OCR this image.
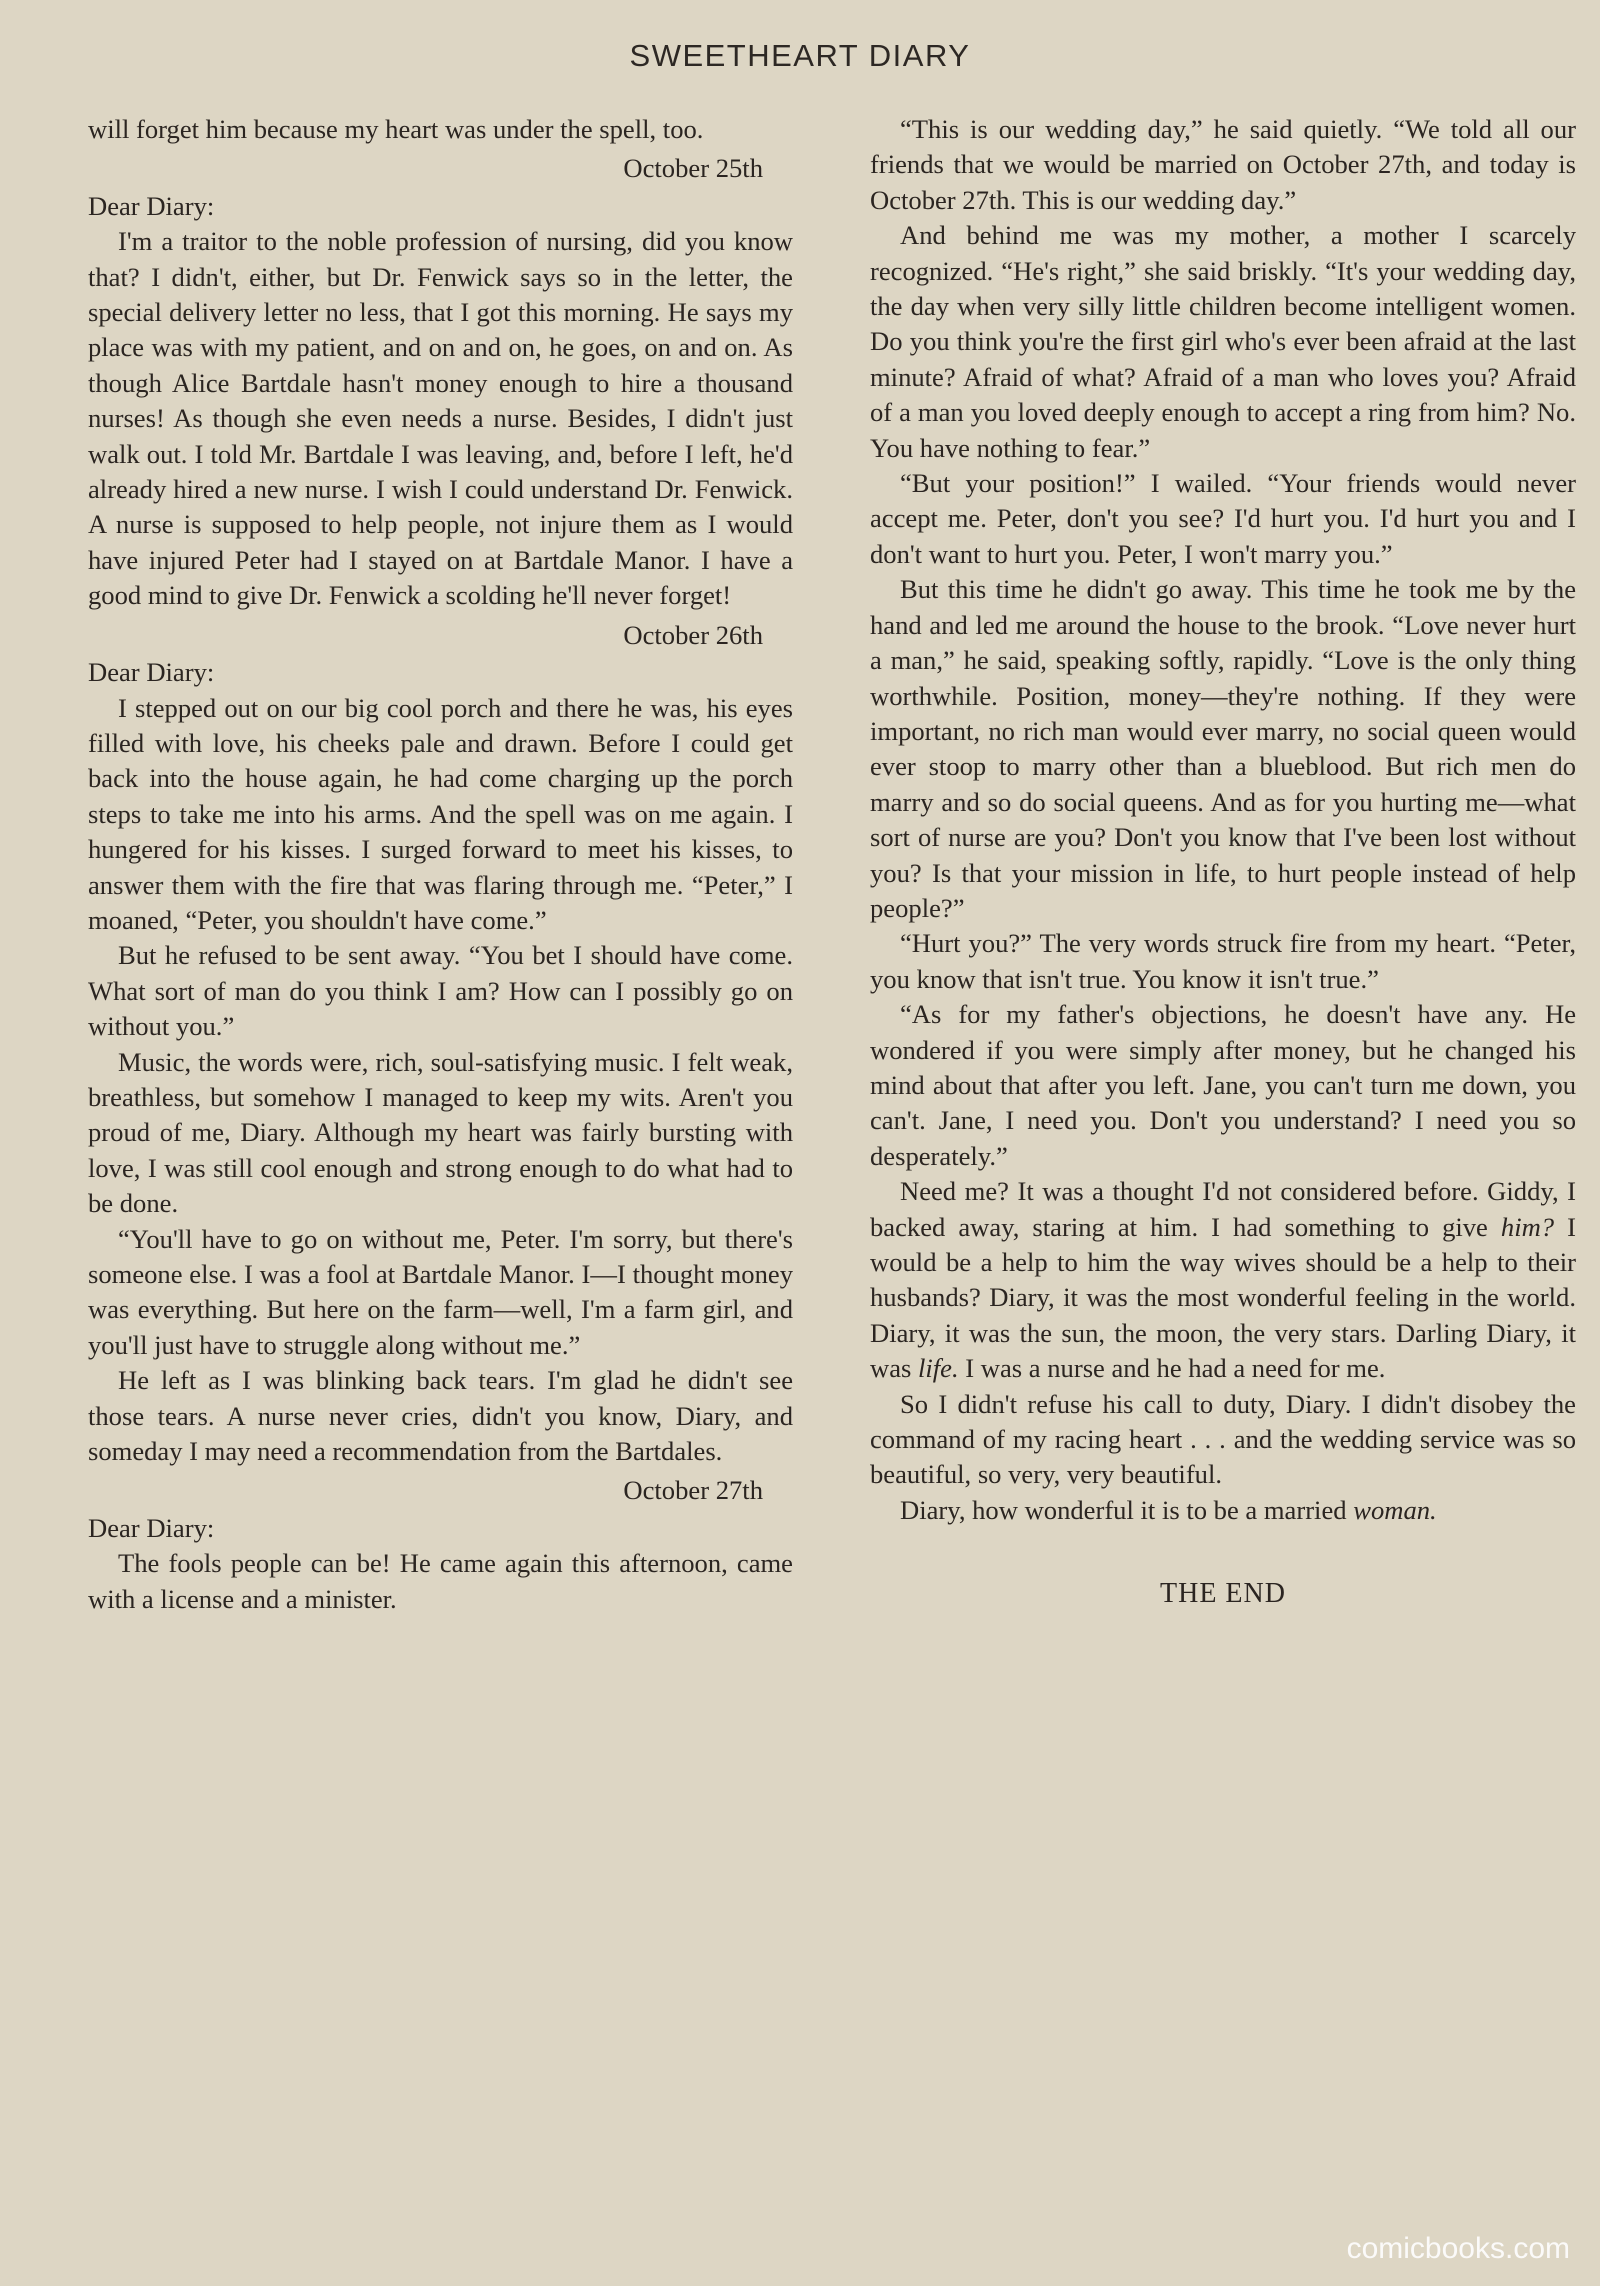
SWEETHEART DIARY

will forget him because my heart was under the spell, too.

October 25th

Dear Diary:

I'm a traitor to the noble profession of nursing, did you know that? I didn't, either, but Dr. Fenwick says so in the letter, the special delivery letter no less, that I got this morning. He says my place was with my patient, and on and on, he goes, on and on. As though Alice Bartdale hasn't money enough to hire a thousand nurses! As though she even needs a nurse. Besides, I didn't just walk out. I told Mr. Bartdale I was leaving, and, before I left, he'd already hired a new nurse. I wish I could understand Dr. Fenwick. A nurse is supposed to help people, not injure them as I would have injured Peter had I stayed on at Bartdale Manor. I have a good mind to give Dr. Fenwick a scolding he'll never forget!

October 26th

Dear Diary:

I stepped out on our big cool porch and there he was, his eyes filled with love, his cheeks pale and drawn. Before I could get back into the house again, he had come charging up the porch steps to take me into his arms. And the spell was on me again. I hungered for his kisses. I surged forward to meet his kisses, to answer them with the fire that was flaring through me. “Peter,” I moaned, “Peter, you shouldn't have come.”

But he refused to be sent away. “You bet I should have come. What sort of man do you think I am? How can I possibly go on without you.”

Music, the words were, rich, soul-satisfying music. I felt weak, breathless, but somehow I managed to keep my wits. Aren't you proud of me, Diary. Although my heart was fairly bursting with love, I was still cool enough and strong enough to do what had to be done.

“You'll have to go on without me, Peter. I'm sorry, but there's someone else. I was a fool at Bartdale Manor. I—I thought money was everything. But here on the farm—well, I'm a farm girl, and you'll just have to struggle along without me.”

He left as I was blinking back tears. I'm glad he didn't see those tears. A nurse never cries, didn't you know, Diary, and someday I may need a recommendation from the Bartdales.

October 27th

Dear Diary:

The fools people can be! He came again this afternoon, came with a license and a minister.

“This is our wedding day,” he said quietly. “We told all our friends that we would be married on October 27th, and today is October 27th. This is our wedding day.”

And behind me was my mother, a mother I scarcely recognized. “He's right,” she said briskly. “It's your wedding day, the day when very silly little children become intelligent women. Do you think you're the first girl who's ever been afraid at the last minute? Afraid of what? Afraid of a man who loves you? Afraid of a man you loved deeply enough to accept a ring from him? No. You have nothing to fear.”

“But your position!” I wailed. “Your friends would never accept me. Peter, don't you see? I'd hurt you. I'd hurt you and I don't want to hurt you. Peter, I won't marry you.”

But this time he didn't go away. This time he took me by the hand and led me around the house to the brook. “Love never hurt a man,” he said, speaking softly, rapidly. “Love is the only thing worthwhile. Position, money—they're nothing. If they were important, no rich man would ever marry, no social queen would ever stoop to marry other than a blueblood. But rich men do marry and so do social queens. And as for you hurting me—what sort of nurse are you? Don't you know that I've been lost without you? Is that your mission in life, to hurt people instead of help people?”

“Hurt you?” The very words struck fire from my heart. “Peter, you know that isn't true. You know it isn't true.”

“As for my father's objections, he doesn't have any. He wondered if you were simply after money, but he changed his mind about that after you left. Jane, you can't turn me down, you can't. Jane, I need you. Don't you understand? I need you so desperately.”

Need me? It was a thought I'd not considered before. Giddy, I backed away, staring at him. I had something to give him? I would be a help to him the way wives should be a help to their husbands? Diary, it was the most wonderful feeling in the world. Diary, it was the sun, the moon, the very stars. Darling Diary, it was life. I was a nurse and he had a need for me.

So I didn't refuse his call to duty, Diary. I didn't disobey the command of my racing heart . . . and the wedding service was so beautiful, so very, very beautiful.

Diary, how wonderful it is to be a married woman.

THE END

comicbooks.com
